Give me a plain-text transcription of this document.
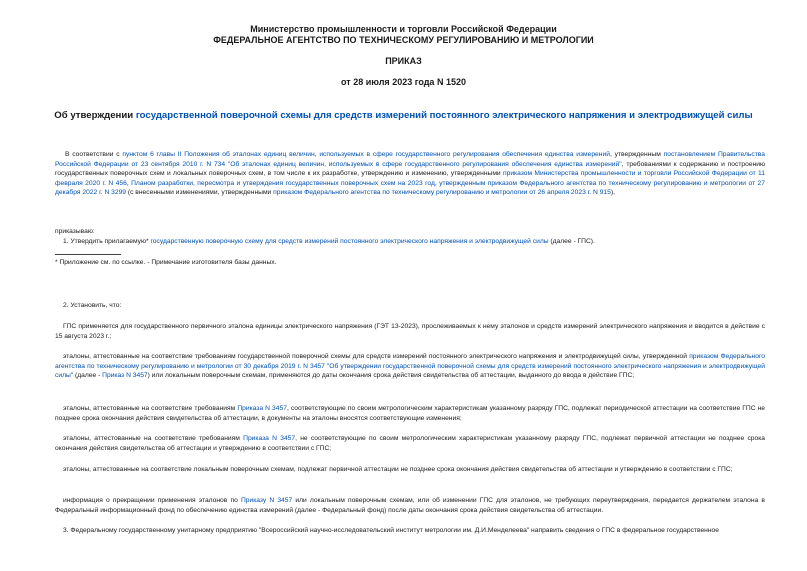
Министерство промышленности и торговли Российской Федерации
ФЕДЕРАЛЬНОЕ АГЕНТСТВО ПО ТЕХНИЧЕСКОМУ РЕГУЛИРОВАНИЮ И МЕТРОЛОГИИ
ПРИКАЗ
от 28 июля 2023 года N 1520
Об утверждении государственной поверочной схемы для средств измерений постоянного электрического напряжения и электродвижущей силы
В соответствии с пунктом 6 главы II Положения об эталонах единиц величин, используемых в сфере государственного регулирования обеспечения единства измерений, утвержденным постановлением Правительства Российской Федерации от 23 сентября 2010 г. N 734 "Об эталонах единиц величин, используемых в сфере государственного регулирования обеспечения единства измерений", требованиями к содержанию и построению государственных поверочных схем и локальных поверочных схем, в том числе к их разработке, утверждению и изменению, утвержденными приказом Министерства промышленности и торговли Российской Федерации от 11 февраля 2020 г. N 456, Планом разработки, пересмотра и утверждения государственных поверочных схем на 2023 год, утвержденным приказом Федерального агентства по техническому регулированию и метрологии от 27 декабря 2022 г. N 3299 (с внесенными изменениями, утвержденными приказом Федерального агентства по техническому регулированию и метрологии от 26 апреля 2023 г. N 915),
приказываю:
1. Утвердить прилагаемую* государственную поверочную схему для средств измерений постоянного электрического напряжения и электродвижущей силы (далее - ГПС).
* Приложение см. по ссылке. - Примечание изготовителя базы данных.
2. Установить, что:
ГПС применяется для государственного первичного эталона единицы электрического напряжения (ГЭТ 13-2023), прослеживаемых к нему эталонов и средств измерений электрического напряжения и вводится в действие с 15 августа 2023 г.;
эталоны, аттестованные на соответствие требованиям государственной поверочной схемы для средств измерений постоянного электрического напряжения и электродвижущей силы, утвержденной приказом Федерального агентства по техническому регулированию и метрологии от 30 декабря 2019 г. N 3457 "Об утверждении государственной поверочной схемы для средств измерений постоянного электрического напряжения и электродвижущей силы" (далее - Приказ N 3457) или локальным поверочным схемам, применяются до даты окончания срока действия свидетельства об аттестации, выданного до ввода в действие ГПС;
эталоны, аттестованные на соответствие требованиям Приказа N 3457, соответствующие по своим метрологическим характеристикам указанному разряду ГПС, подлежат периодической аттестации на соответствие ГПС не позднее срока окончания действия свидетельства об аттестации, в документы на эталоны вносятся соответствующие изменения;
эталоны, аттестованные на соответствие требованиям Приказа N 3457, не соответствующие по своим метрологическим характеристикам указанному разряду ГПС, подлежат первичной аттестации не позднее срока окончания действия свидетельства об аттестации и утверждению в соответствии с ГПС;
эталоны, аттестованные на соответствие локальным поверочным схемам, подлежат первичной аттестации не позднее срока окончания действия свидетельства об аттестации и утверждению в соответствии с ГПС;
информация о прекращении применения эталонов по Приказу N 3457 или локальным поверочным схемам, или об изменении ГПС для эталонов, не требующих переутверждения, передается держателем эталона в Федеральный информационный фонд по обеспечению единства измерений (далее - Федеральный фонд) после даты окончания срока действия свидетельства об аттестации.
3. Федеральному государственному унитарному предприятию "Всероссийский научно-исследовательский институт метрологии им. Д.И.Менделеева" направить сведения о ГПС в федеральное государственное
